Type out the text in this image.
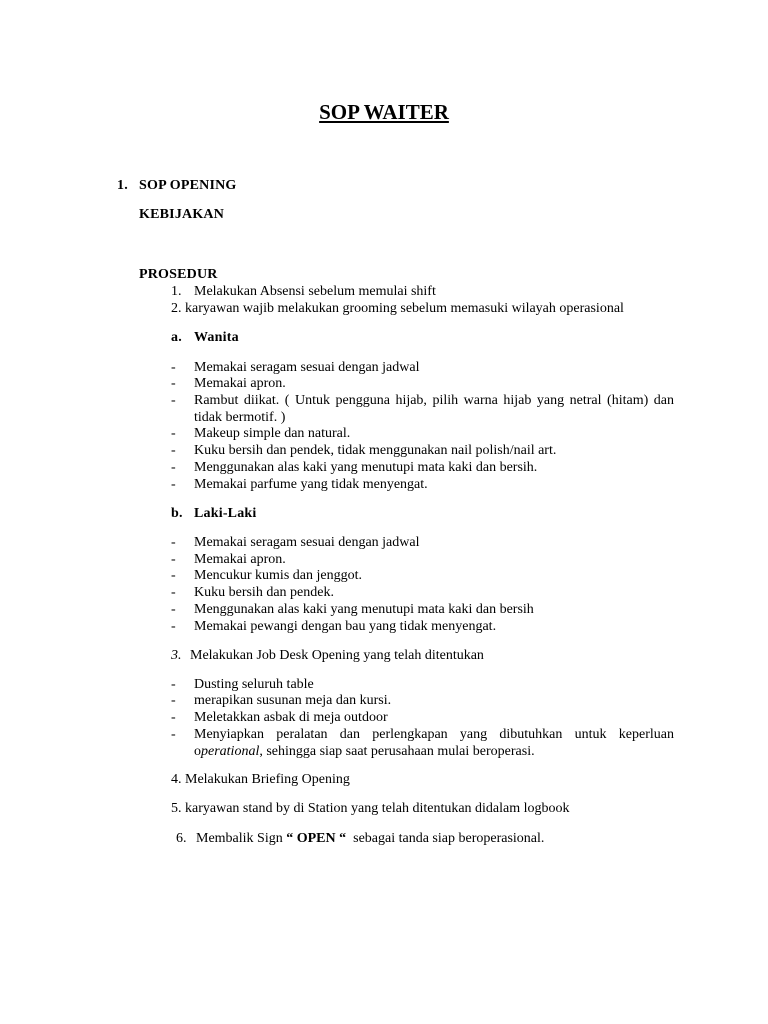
SOP WAITER
1. SOP OPENING
KEBIJAKAN
PROSEDUR
1. Melakukan Absensi sebelum memulai shift
2. karyawan wajib melakukan grooming sebelum memasuki wilayah operasional
a. Wanita
- Memakai seragam sesuai dengan jadwal
- Memakai apron.
- Rambut diikat. ( Untuk pengguna hijab, pilih warna hijab yang netral (hitam) dan tidak bermotif. )
- Makeup simple dan natural.
- Kuku bersih dan pendek, tidak menggunakan nail polish/nail art.
- Menggunakan alas kaki yang menutupi mata kaki dan bersih.
- Memakai parfume yang tidak menyengat.
b. Laki-Laki
- Memakai seragam sesuai dengan jadwal
- Memakai apron.
- Mencukur kumis dan jenggot.
- Kuku bersih dan pendek.
- Menggunakan alas kaki yang menutupi mata kaki dan bersih
- Memakai pewangi dengan bau yang tidak menyengat.
3. Melakukan Job Desk Opening yang telah ditentukan
- Dusting seluruh table
- merapikan susunan meja dan kursi.
- Meletakkan asbak di meja outdoor
- Menyiapkan peralatan dan perlengkapan yang dibutuhkan untuk keperluan operational, sehingga siap saat perusahaan mulai beroperasi.
4. Melakukan Briefing Opening
5. karyawan stand by di Station yang telah ditentukan didalam logbook
6. Membalik Sign “ OPEN “  sebagai tanda siap beroperasional.
